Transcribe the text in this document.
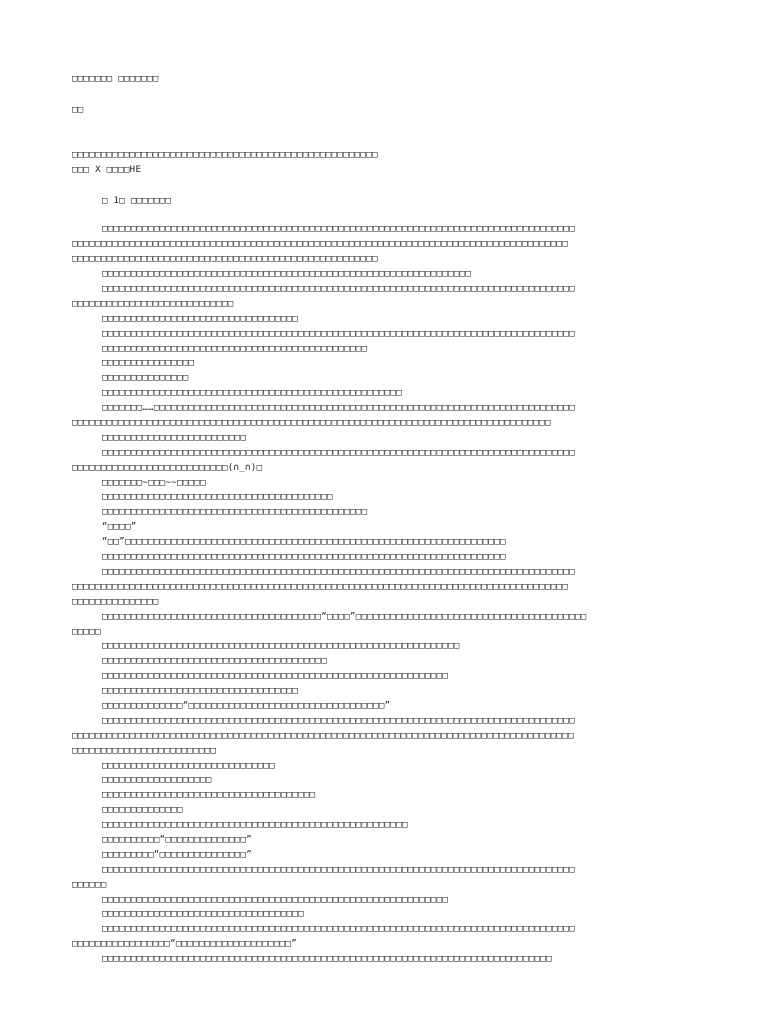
□□□□□□□ □□□□□□□
□□
□□□□□□□□□□□□□□□□□□□□□□□□□□□□□□□□□□□□□□□□□□□□□□□□□□□□□
□□□ X □□□□HE
□ 1□ □□□□□□□
□□□□□□□□□□□□□□□□□□□□□□□□□□□□□□□□□□□□□□□□□□□□□□□□□□□□□□□□□□□□□□□□□□□□□□□□□□□□□□□□□□
□□□□□□□□□□□□□□□□□□□□□□□□□□□□□□□□□□□□□□□□□□□□□□□□□□□□□□□□□□□□□□□□□□□□□□□□□□□□□□□□□□□□□□
□□□□□□□□□□□□□□□□□□□□□□□□□□□□□□□□□□□□□□□□□□□□□□□□□□□□□
□□□□□□□□□□□□□□□□□□□□□□□□□□□□□□□□□□□□□□□□□□□□□□□□□□□□□□□□□□□□□□□□
□□□□□□□□□□□□□□□□□□□□□□□□□□□□□□□□□□□□□□□□□□□□□□□□□□□□□□□□□□□□□□□□□□□□□□□□□□□□□□□□□□
□□□□□□□□□□□□□□□□□□□□□□□□□□□□
□□□□□□□□□□□□□□□□□□□□□□□□□□□□□□□□□□
□□□□□□□□□□□□□□□□□□□□□□□□□□□□□□□□□□□□□□□□□□□□□□□□□□□□□□□□□□□□□□□□□□□□□□□□□□□□□□□□□□
□□□□□□□□□□□□□□□□□□□□□□□□□□□□□□□□□□□□□□□□□□□□□□
□□□□□□□□□□□□□□□□
□□□□□□□□□□□□□□□
□□□□□□□□□□□□□□□□□□□□□□□□□□□□□□□□□□□□□□□□□□□□□□□□□□□□
□□□□□□□……□□□□□□□□□□□□□□□□□□□□□□□□□□□□□□□□□□□□□□□□□□□□□□□□□□□□□□□□□□□□□□□□□□□□□□□□□
□□□□□□□□□□□□□□□□□□□□□□□□□□□□□□□□□□□□□□□□□□□□□□□□□□□□□□□□□□□□□□□□□□□□□□□□□□□□□□□□□□□
□□□□□□□□□□□□□□□□□□□□□□□□□
□□□□□□□□□□□□□□□□□□□□□□□□□□□□□□□□□□□□□□□□□□□□□□□□□□□□□□□□□□□□□□□□□□□□□□□□□□□□□□□□□□
□□□□□□□□□□□□□□□□□□□□□□□□□□□(∩_∩)□
□□□□□□□~□□□~~□□□□□
□□□□□□□□□□□□□□□□□□□□□□□□□□□□□□□□□□□□□□□□
□□□□□□□□□□□□□□□□□□□□□□□□□□□□□□□□□□□□□□□□□□□□□□
“□□□□”
“□□”□□□□□□□□□□□□□□□□□□□□□□□□□□□□□□□□□□□□□□□□□□□□□□□□□□□□□□□□□□□□□□□□□□
□□□□□□□□□□□□□□□□□□□□□□□□□□□□□□□□□□□□□□□□□□□□□□□□□□□□□□□□□□□□□□□□□□□□□□
□□□□□□□□□□□□□□□□□□□□□□□□□□□□□□□□□□□□□□□□□□□□□□□□□□□□□□□□□□□□□□□□□□□□□□□□□□□□□□□□□□
□□□□□□□□□□□□□□□□□□□□□□□□□□□□□□□□□□□□□□□□□□□□□□□□□□□□□□□□□□□□□□□□□□□□□□□□□□□□□□□□□□□□□□
□□□□□□□□□□□□□□□
□□□□□□□□□□□□□□□□□□□□□□□□□□□□□□□□□□□□□□“□□□□”□□□□□□□□□□□□□□□□□□□□□□□□□□□□□□□□□□□□□□□□
□□□□□
□□□□□□□□□□□□□□□□□□□□□□□□□□□□□□□□□□□□□□□□□□□□□□□□□□□□□□□□□□□□□□
□□□□□□□□□□□□□□□□□□□□□□□□□□□□□□□□□□□□□□□
□□□□□□□□□□□□□□□□□□□□□□□□□□□□□□□□□□□□□□□□□□□□□□□□□□□□□□□□□□□□
□□□□□□□□□□□□□□□□□□□□□□□□□□□□□□□□□□
□□□□□□□□□□□□□□“□□□□□□□□□□□□□□□□□□□□□□□□□□□□□□□□□□”
□□□□□□□□□□□□□□□□□□□□□□□□□□□□□□□□□□□□□□□□□□□□□□□□□□□□□□□□□□□□□□□□□□□□□□□□□□□□□□□□□□
□□□□□□□□□□□□□□□□□□□□□□□□□□□□□□□□□□□□□□□□□□□□□□□□□□□□□□□□□□□□□□□□□□□□□□□□□□□□□□□□□□□□□□□
□□□□□□□□□□□□□□□□□□□□□□□□□
□□□□□□□□□□□□□□□□□□□□□□□□□□□□□□
□□□□□□□□□□□□□□□□□□□
□□□□□□□□□□□□□□□□□□□□□□□□□□□□□□□□□□□□□
□□□□□□□□□□□□□□
□□□□□□□□□□□□□□□□□□□□□□□□□□□□□□□□□□□□□□□□□□□□□□□□□□□□□
□□□□□□□□□□“□□□□□□□□□□□□□□”
□□□□□□□□□“□□□□□□□□□□□□□□□”
□□□□□□□□□□□□□□□□□□□□□□□□□□□□□□□□□□□□□□□□□□□□□□□□□□□□□□□□□□□□□□□□□□□□□□□□□□□□□□□□□□
□□□□□□
□□□□□□□□□□□□□□□□□□□□□□□□□□□□□□□□□□□□□□□□□□□□□□□□□□□□□□□□□□□□
□□□□□□□□□□□□□□□□□□□□□□□□□□□□□□□□□□□
□□□□□□□□□□□□□□□□□□□□□□□□□□□□□□□□□□□□□□□□□□□□□□□□□□□□□□□□□□□□□□□□□□□□□□□□□□□□□□□□□□
□□□□□□□□□□□□□□□□□“□□□□□□□□□□□□□□□□□□□□”
□□□□□□□□□□□□□□□□□□□□□□□□□□□□□□□□□□□□□□□□□□□□□□□□□□□□□□□□□□□□□□□□□□□□□□□□□□□□□□
